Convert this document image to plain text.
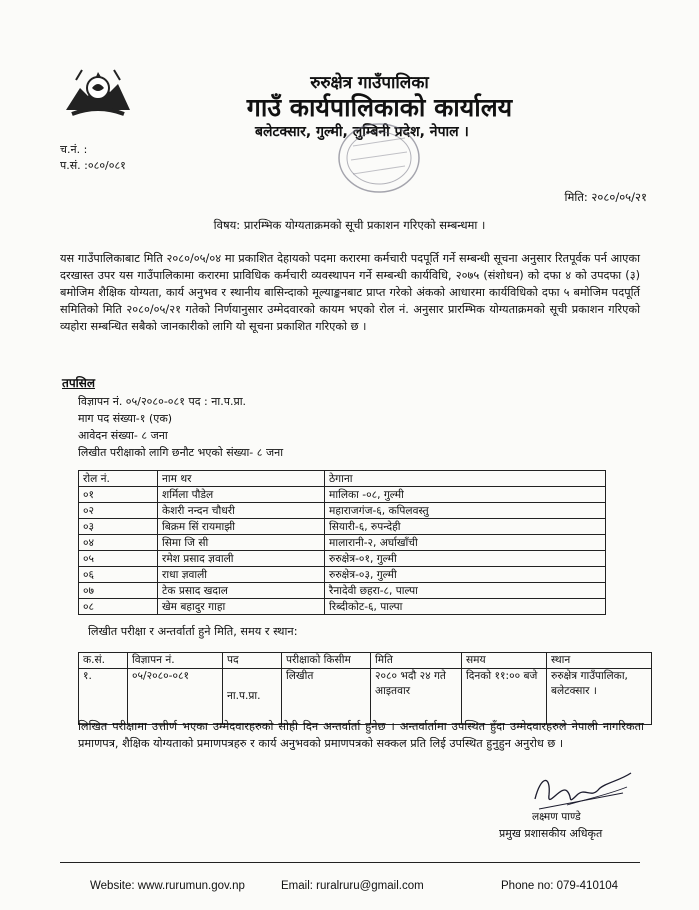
रुरुक्षेत्र गाउँपालिका
गाउँ कार्यपालिकाको कार्यालय
बलेटक्सार, गुल्मी, लुम्बिनी प्रदेश, नेपाल ।
च.नं. :
प.सं. :०८०/०८१
मिति: २०८०/०५/२१
विषय: प्रारम्भिक योग्यताक्रमको सूची प्रकाशन गरिएको सम्बन्धमा ।

यस गाउँपालिकाबाट मिति २०८०/०५/०४ मा प्रकाशित देहायको पदमा करारमा कर्मचारी पदपूर्ति गर्ने सम्बन्धी सूचना अनुसार रितपूर्वक पर्न आएका दरखास्त उपर यस गाउँपालिकामा करारमा प्राविधिक कर्मचारी व्यवस्थापन गर्ने सम्बन्धी कार्यविधि, २०७५ (संशोधन) को दफा ४ को उपदफा (३) बमोजिम शैक्षिक योग्यता, कार्य अनुभव र स्थानीय बासिन्दाको मूल्याङ्कनबाट प्राप्त गरेको अंकको आधारमा कार्यविधिको दफा ५ बमोजिम पदपूर्ति समितिको मिति २०८०/०५/२१ गतेको निर्णयानुसार उम्मेदवारको कायम भएको रोल नं. अनुसार प्रारम्भिक योग्यताक्रमको सूची प्रकाशन गरिएको व्यहोरा सम्बन्धित सबैको जानकारीको लागि यो सूचना प्रकाशित गरिएको छ ।

तपसिल
विज्ञापन नं. ०५/२०८०-०८१ पद : ना.प.प्रा.
माग पद संख्या-१ (एक)
आवेदन संख्या- ८ जना
लिखीत परीक्षाको लागि छनौट भएको संख्या- ८ जना
रोल नं.	नाम थर	ठेगाना
०१	शर्मिला पौडेल	मालिका -०८, गुल्मी
०२	केशरी नन्दन चौधरी	महाराजगंज-६, कपिलवस्तु
०३	बिक्रम सिं रायमाझी	सियारी-६, रुपन्देही
०४	सिमा जि सी	मालारानी-२, अर्घाखाँची
०५	रमेश प्रसाद ज्ञवाली	रुरुक्षेत्र-०१, गुल्मी
०६	राधा ज्ञवाली	रुरुक्षेत्र-०३, गुल्मी
०७	टेक प्रसाद खदाल	रैनादेवी छहरा-८, पाल्पा
०८	खेम बहादुर गाहा	रिब्दीकोट-६, पाल्पा
लिखीत परीक्षा र अन्तर्वार्ता हुने मिति, समय र स्थान:
क.सं.	विज्ञापन नं.	पद	परीक्षाको किसीम	मिति	समय	स्थान
१.	०५/२०८०-०८१	ना.प.प्रा.	लिखीत	२०८० भदौ २४ गते आइतवार	दिनको ११:०० बजे	रुरुक्षेत्र गाउँपालिका, बलेटक्सार ।

लिखित परीक्षामा उत्तीर्ण भएका उम्मेदवारहरुको सोही दिन अन्तर्वार्ता हुनेछ । अन्तर्वार्तामा उपस्थित हुँदा उम्मेदवारहरुले नेपाली नागरिकता प्रमाणपत्र, शैक्षिक योग्यताको प्रमाणपत्रहरु र कार्य अनुभवको प्रमाणपत्रको सक्कल प्रति लिई उपस्थित हुनुहुन अनुरोध छ ।

लक्ष्मण पाण्डे
प्रमुख प्रशासकीय अधिकृत
Website: www.rurumun.gov.np	Email: ruralruru@gmail.com	Phone no: 079-410104
